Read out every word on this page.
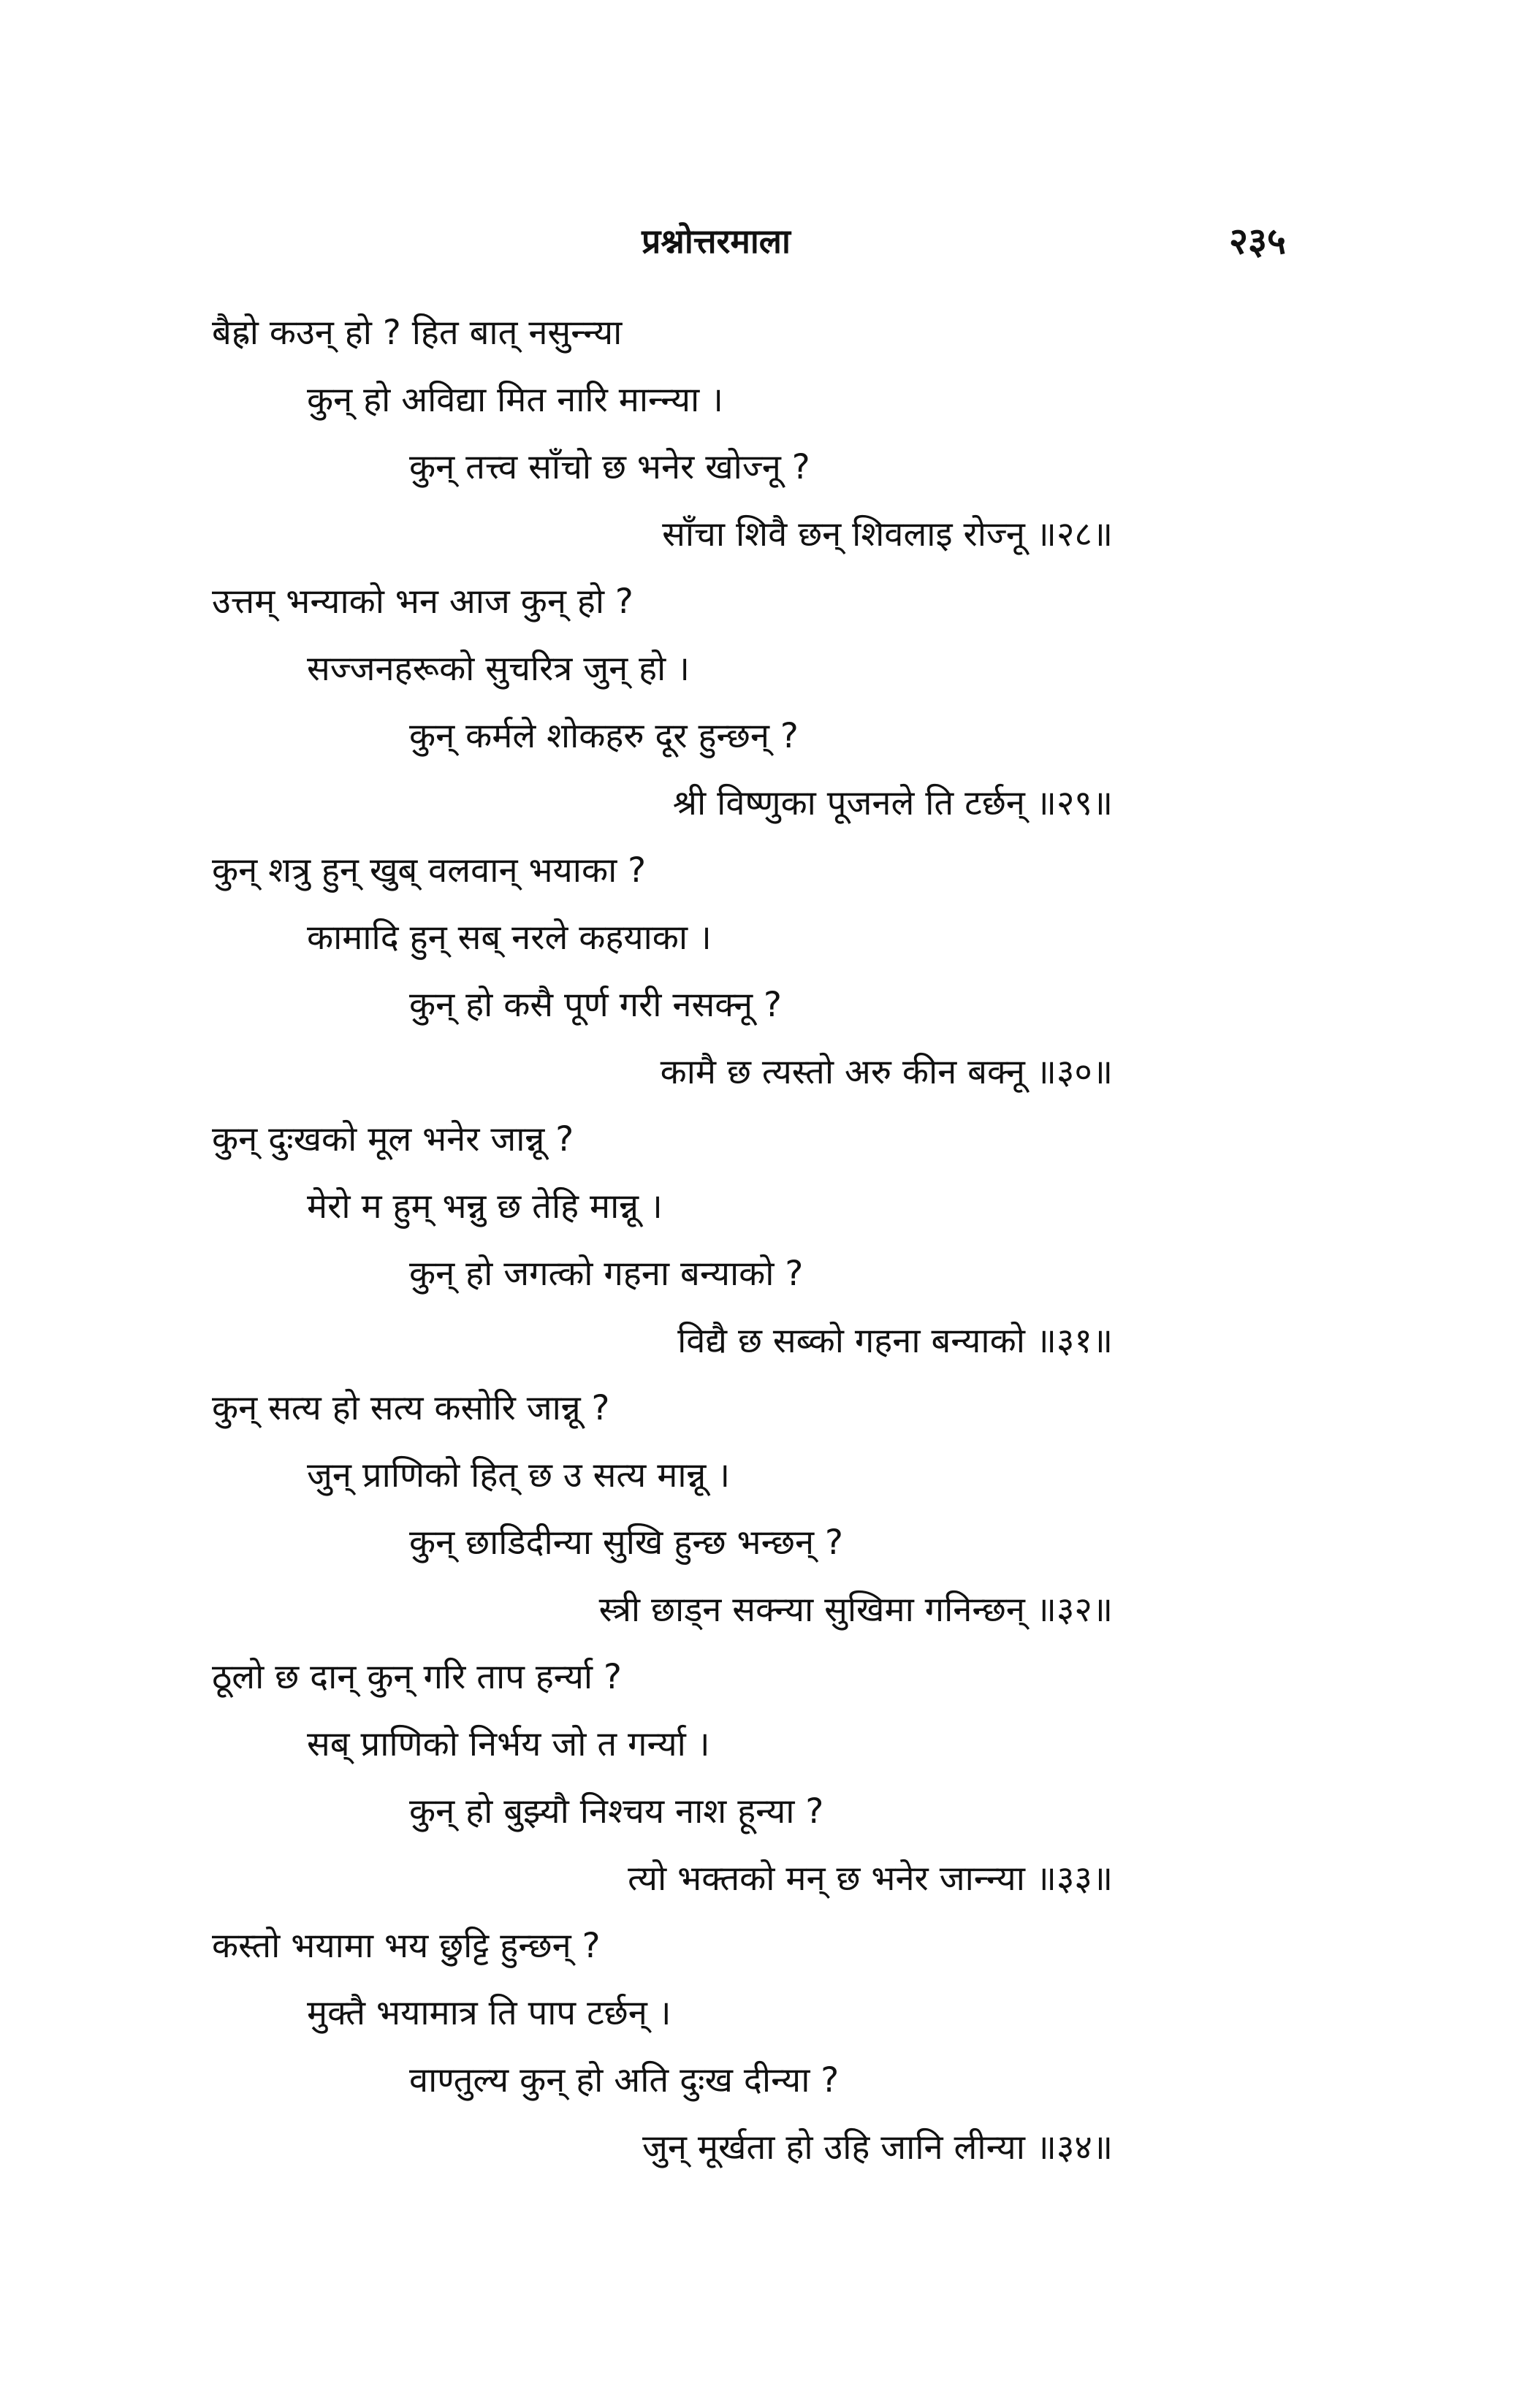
प्रश्नोत्तरमाला	२३५
बैह्रो कउन् हो ? हित बात् नसुन्न्या
कुन् हो अविद्या मित नारि मान्न्या ।
कुन् तत्त्व साँचो छ भनेर खोज्नू ?
साँचा शिवै छन् शिवलाइ रोज्नू ॥२८॥
उत्तम् भन्याको भन आज कुन् हो ?
सज्जनहरूको सुचरित्र जुन् हो ।
कुन् कर्मले शोकहरु दूर हुन्छन् ?
श्री विष्णुका पूजनले ति टर्छन् ॥२९॥
कुन् शत्रु हुन् खुब् वलवान् भयाका ?
कामादि हुन् सब् नरले कहयाका ।
कुन् हो कसै पूर्ण गरी नसक्नू ?
कामै छ त्यस्तो अरु कीन बक्नू ॥३०॥
कुन् दुःखको मूल भनेर जान्नू ?
मेरो म हुम् भन्नु छ तेहि मान्नू ।
कुन् हो जगत्को गहना बन्याको ?
विद्यै छ सब्को गहना बन्याको ॥३१॥
कुन् सत्य हो सत्य कसोरि जान्नू ?
जुन् प्राणिको हित् छ उ सत्य मान्नू ।
कुन् छाडिदीन्या सुखि हुन्छ भन्छन् ?
स्त्री छाड्न सक्न्या सुखिमा गनिन्छन् ॥३२॥
ठूलो छ दान् कुन् गरि ताप हर्न्या ?
सब् प्राणिको निर्भय जो त गर्न्या ।
कुन् हो बुझ्यौ निश्चय नाश हून्या ?
त्यो भक्तको मन् छ भनेर जान्न्या ॥३३॥
कस्तो भयामा भय छुट्टि हुन्छन् ?
मुक्तै भयामात्र ति पाप टर्छन् ।
वाण्तुल्य कुन् हो अति दुःख दीन्या ?
जुन् मूर्खता हो उहि जानि लीन्या ॥३४॥
